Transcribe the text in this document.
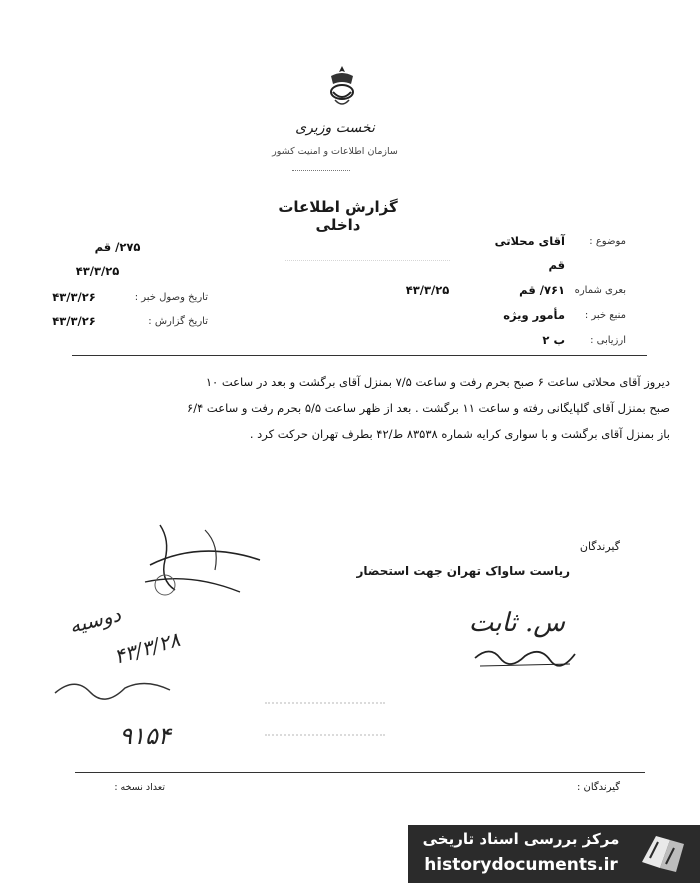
نخست وزیری
سازمان اطلاعات و امنیت کشور
گزارش اطلاعات داخلی
موضوع :
آقای محلاتی
قم
بعری شماره
۷۶۱/ قم
۴۳/۳/۲۵
منبع خبر :
مأمور ویژه
ارزیابی :
ب ۲
۲۷۵/ قم
۴۳/۳/۲۵
تاریخ وصول خبر :
۴۳/۳/۲۶
تاریخ گزارش :
۴۳/۳/۲۶
دیروز آقای محلاتی ساعت ۶ صبح بحرم رفت و ساعت ۷/۵ بمنزل آقای برگشت و بعد در ساعت ۱۰
صبح بمنزل آقای گلپایگانی رفته و ساعت ۱۱ برگشت . بعد از ظهر ساعت ۵/۵ بحرم رفت و ساعت ۶/۴
باز بمنزل آقای برگشت و با سواری کرایه شماره ۸۳۵۳۸ ط/۴۲ بطرف تهران حرکت کرد .
گیرندگان
ریاست ساواک تهران جهت استحضار
س. ثابت
دوسیه
۴۳/۳/۲۸
۹۱۵۴
گیرندگان :
تعداد نسخه :
مرکز بررسی اسناد تاریخی
historydocuments.ir
